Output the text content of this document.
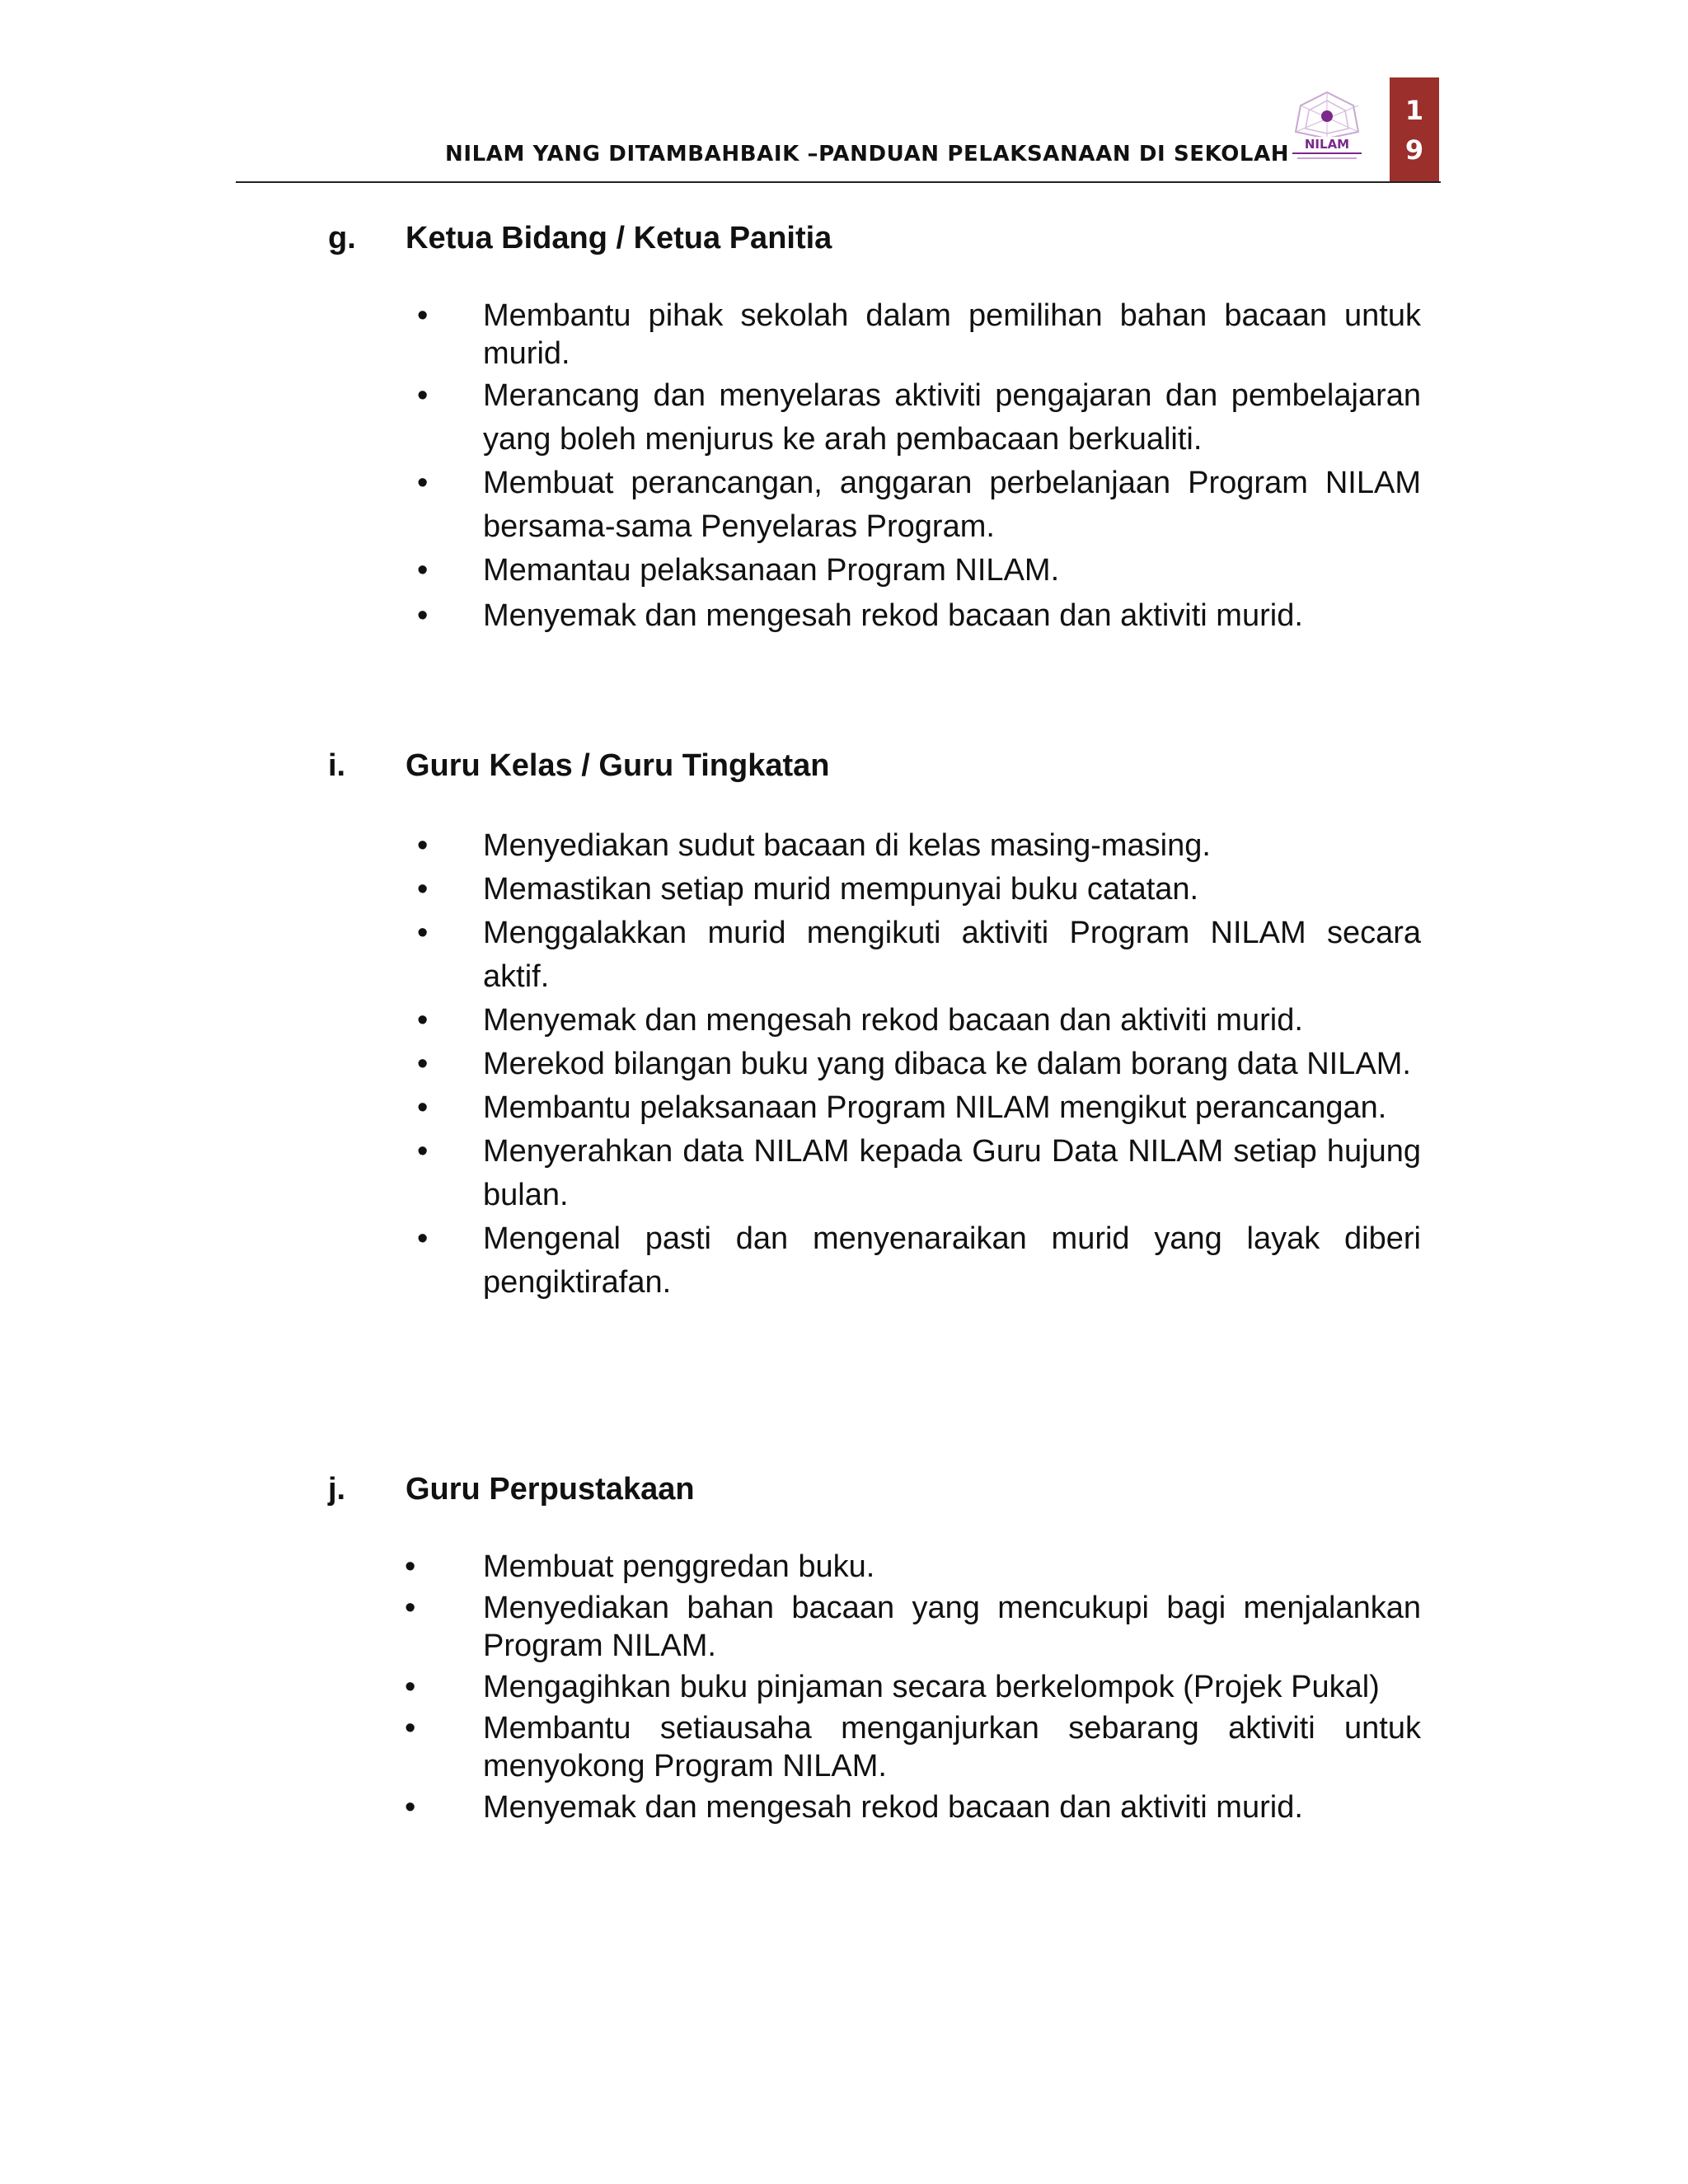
NILAM YANG DITAMBAHBAIK –PANDUAN PELAKSANAAN DI SEKOLAH NILAM
1
9
g. Ketua Bidang / Ketua Panitia
• Membantu pihak sekolah dalam pemilihan bahan bacaan untuk murid.
• Merancang dan menyelaras aktiviti pengajaran dan pembelajaran yang boleh menjurus ke arah pembacaan berkualiti.
• Membuat perancangan, anggaran perbelanjaan Program NILAM bersama-sama Penyelaras Program.
• Memantau pelaksanaan Program NILAM.
• Menyemak dan mengesah rekod bacaan dan aktiviti murid.
i. Guru Kelas / Guru Tingkatan
• Menyediakan sudut bacaan di kelas masing-masing.
• Memastikan setiap murid mempunyai buku catatan.
• Menggalakkan murid mengikuti aktiviti Program NILAM secara aktif.
• Menyemak dan mengesah rekod bacaan dan aktiviti murid.
• Merekod bilangan buku yang dibaca ke dalam borang data NILAM.
• Membantu pelaksanaan Program NILAM mengikut perancangan.
• Menyerahkan data NILAM kepada Guru Data NILAM setiap hujung bulan.
• Mengenal pasti dan menyenaraikan murid yang layak diberi pengiktirafan.
j. Guru Perpustakaan
• Membuat penggredan buku.
• Menyediakan bahan bacaan yang mencukupi bagi menjalankan Program NILAM.
• Mengagihkan buku pinjaman secara berkelompok (Projek Pukal)
• Membantu setiausaha menganjurkan sebarang aktiviti untuk menyokong Program NILAM.
• Menyemak dan mengesah rekod bacaan dan aktiviti murid.
